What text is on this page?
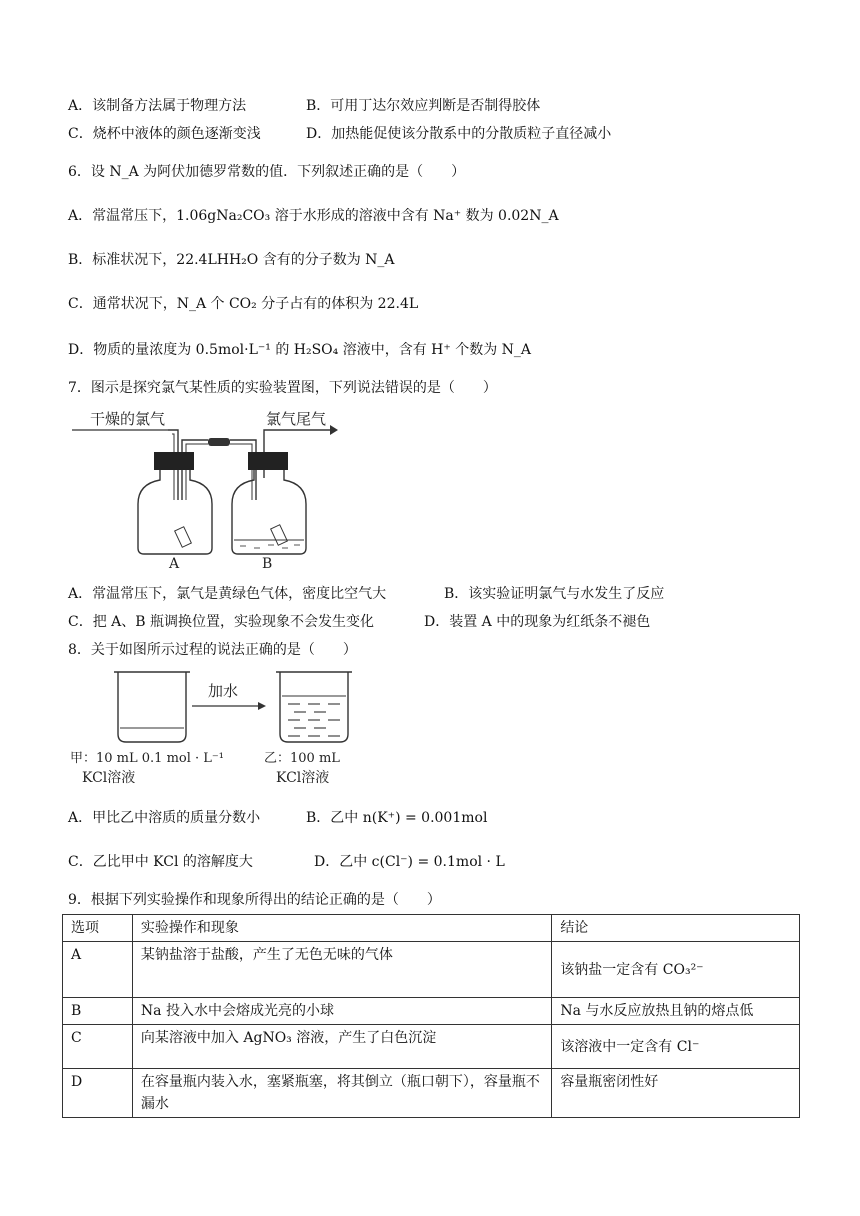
A．该制备方法属于物理方法	B．可用丁达尔效应判断是否制得胶体
C．烧杯中液体的颜色逐渐变浅	D．加热能促使该分散系中的分散质粒子直径减小
6．设 N_A 为阿伏加德罗常数的值．下列叙述正确的是（　　）
A．常温常压下，1.06gNa₂CO₃ 溶于水形成的溶液中含有 Na⁺ 数为 0.02N_A
B．标准状况下，22.4LHH₂O 含有的分子数为 N_A
C．通常状况下，N_A 个 CO₂ 分子占有的体积为 22.4L
D．物质的量浓度为 0.5mol·L⁻¹ 的 H₂SO₄ 溶液中，含有 H⁺ 个数为 N_A
7．图示是探究氯气某性质的实验装置图，下列说法错误的是（　　）
干燥的氯气	氯气尾气
A	B
A．常温常压下，氯气是黄绿色气体，密度比空气大	B．该实验证明氯气与水发生了反应
C．把 A、B 瓶调换位置，实验现象不会发生变化	D．装置 A 中的现象为红纸条不褪色
8．关于如图所示过程的说法正确的是（　　）
加水
甲：10 mL 0.1 mol · L⁻¹
KCl溶液
乙：100 mL
KCl溶液
A．甲比乙中溶质的质量分数小	B．乙中 n(K⁺) = 0.001mol
C．乙比甲中 KCl 的溶解度大	D．乙中 c(Cl⁻) = 0.1mol · L
9．根据下列实验操作和现象所得出的结论正确的是（　　）
选项	实验操作和现象	结论
A	某钠盐溶于盐酸，产生了无色无味的气体	该钠盐一定含有 CO₃²⁻
B	Na 投入水中会熔成光亮的小球	Na 与水反应放热且钠的熔点低
C	向某溶液中加入 AgNO₃ 溶液，产生了白色沉淀	该溶液中一定含有 Cl⁻
D	在容量瓶内装入水，塞紧瓶塞，将其倒立（瓶口朝下），容量瓶不漏水	容量瓶密闭性好
